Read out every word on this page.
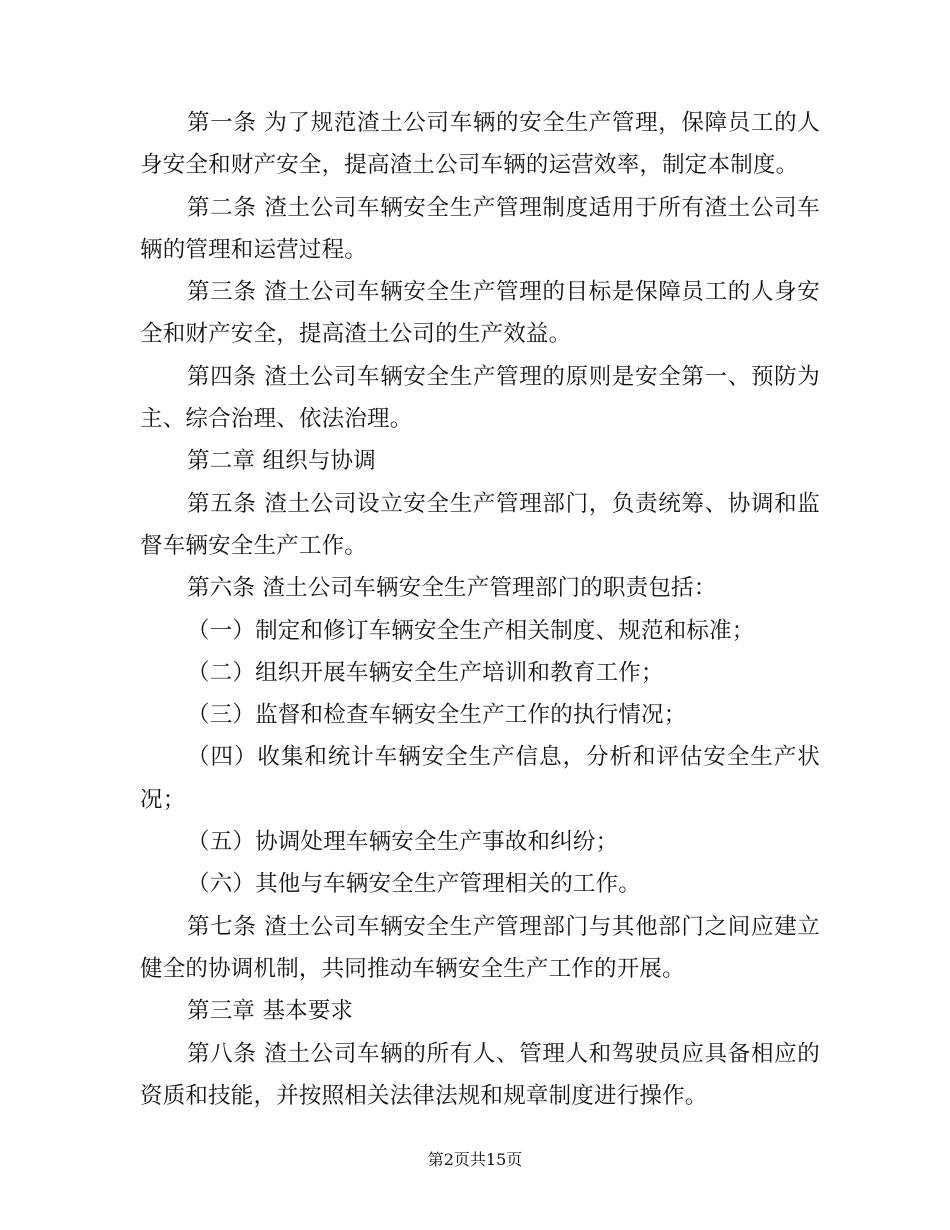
第一条 为了规范渣土公司车辆的安全生产管理，保障员工的人身安全和财产安全，提高渣土公司车辆的运营效率，制定本制度。

第二条 渣土公司车辆安全生产管理制度适用于所有渣土公司车辆的管理和运营过程。

第三条 渣土公司车辆安全生产管理的目标是保障员工的人身安全和财产安全，提高渣土公司的生产效益。

第四条 渣土公司车辆安全生产管理的原则是安全第一、预防为主、综合治理、依法治理。

第二章 组织与协调

第五条 渣土公司设立安全生产管理部门，负责统筹、协调和监督车辆安全生产工作。

第六条 渣土公司车辆安全生产管理部门的职责包括：

（一）制定和修订车辆安全生产相关制度、规范和标准；

（二）组织开展车辆安全生产培训和教育工作；

（三）监督和检查车辆安全生产工作的执行情况；

（四）收集和统计车辆安全生产信息，分析和评估安全生产状况；

（五）协调处理车辆安全生产事故和纠纷；

（六）其他与车辆安全生产管理相关的工作。

第七条 渣土公司车辆安全生产管理部门与其他部门之间应建立健全的协调机制，共同推动车辆安全生产工作的开展。

第三章 基本要求

第八条 渣土公司车辆的所有人、管理人和驾驶员应具备相应的资质和技能，并按照相关法律法规和规章制度进行操作。

第2页共15页
